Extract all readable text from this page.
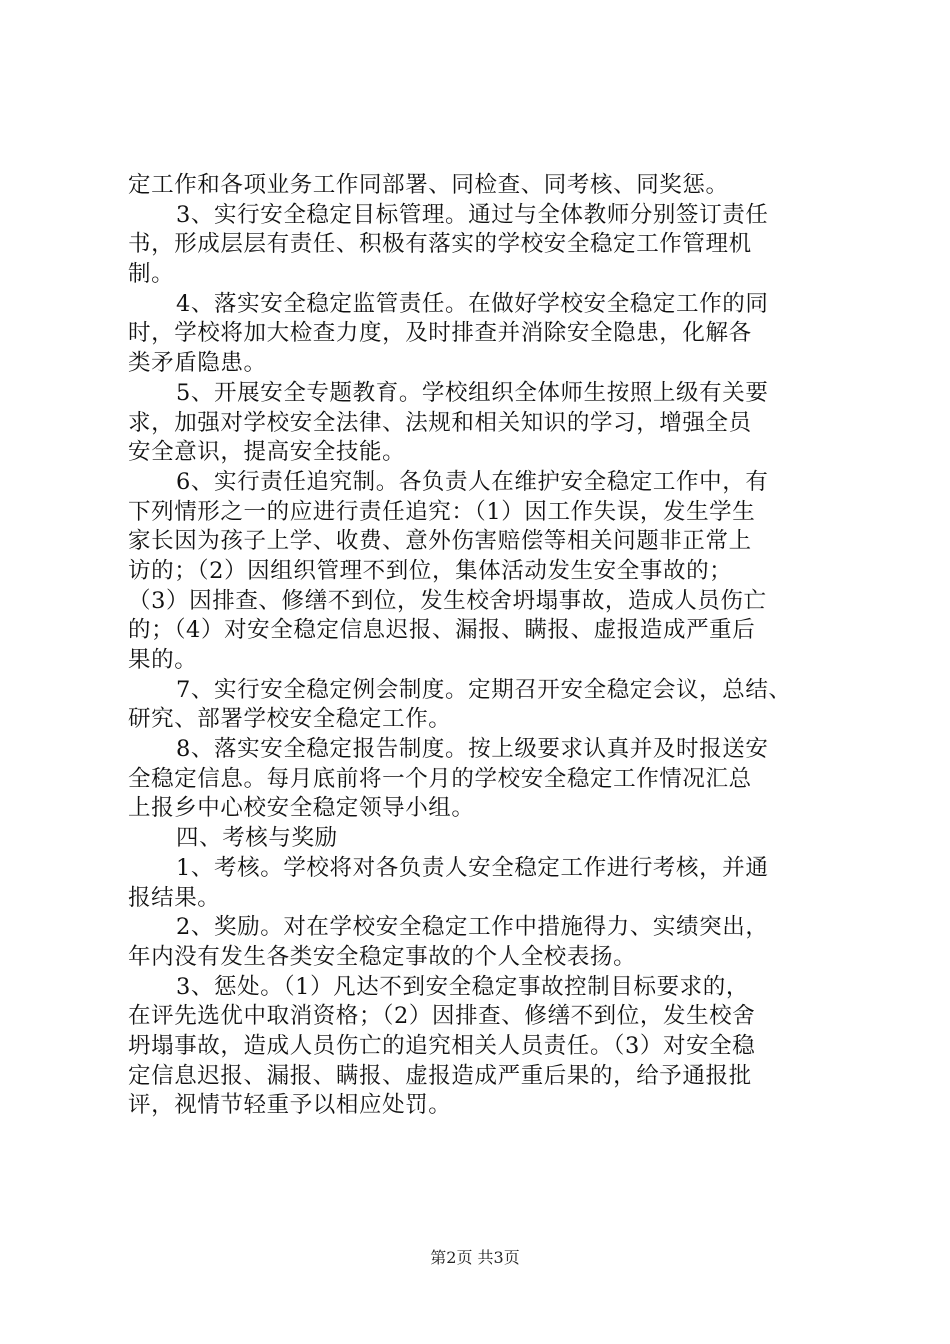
定工作和各项业务工作同部署、同检查、同考核、同奖惩。
3、实行安全稳定目标管理。通过与全体教师分别签订责任
书，形成层层有责任、积极有落实的学校安全稳定工作管理机
制。
4、落实安全稳定监管责任。在做好学校安全稳定工作的同
时，学校将加大检查力度，及时排查并消除安全隐患，化解各
类矛盾隐患。
5、开展安全专题教育。学校组织全体师生按照上级有关要
求，加强对学校安全法律、法规和相关知识的学习，增强全员
安全意识，提高安全技能。
6、实行责任追究制。各负责人在维护安全稳定工作中，有
下列情形之一的应进行责任追究：（1）因工作失误，发生学生
家长因为孩子上学、收费、意外伤害赔偿等相关问题非正常上
访的；（2）因组织管理不到位，集体活动发生安全事故的；
（3）因排查、修缮不到位，发生校舍坍塌事故，造成人员伤亡
的；（4）对安全稳定信息迟报、漏报、瞒报、虚报造成严重后
果的。
7、实行安全稳定例会制度。定期召开安全稳定会议，总结、
研究、部署学校安全稳定工作。
8、落实安全稳定报告制度。按上级要求认真并及时报送安
全稳定信息。每月底前将一个月的学校安全稳定工作情况汇总
上报乡中心校安全稳定领导小组。
四、考核与奖励
1、考核。学校将对各负责人安全稳定工作进行考核，并通
报结果。
2、奖励。对在学校安全稳定工作中措施得力、实绩突出，
年内没有发生各类安全稳定事故的个人全校表扬。
3、惩处。（1）凡达不到安全稳定事故控制目标要求的，
在评先选优中取消资格；（2）因排查、修缮不到位，发生校舍
坍塌事故，造成人员伤亡的追究相关人员责任。（3）对安全稳
定信息迟报、漏报、瞒报、虚报造成严重后果的，给予通报批
评，视情节轻重予以相应处罚。
第2页 共3页
